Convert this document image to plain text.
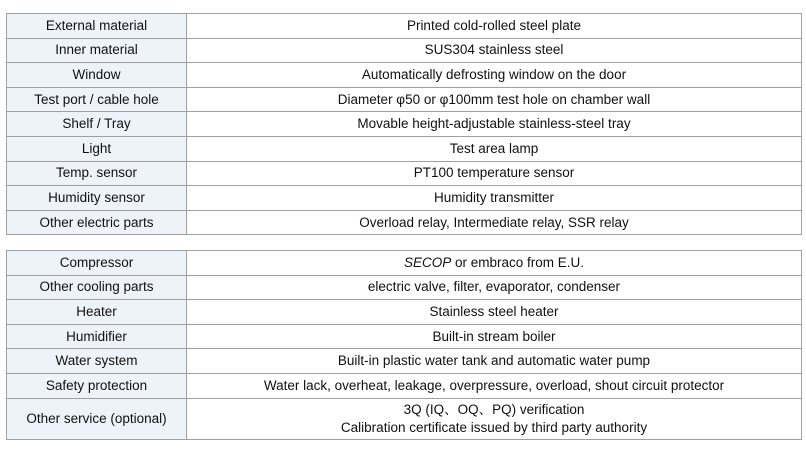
External material	Printed cold-rolled steel plate
Inner material	SUS304 stainless steel
Window	Automatically defrosting window on the door
Test port / cable hole	Diameter φ50 or φ100mm test hole on chamber wall
Shelf / Tray	Movable height-adjustable stainless-steel tray
Light	Test area lamp
Temp. sensor	PT100 temperature sensor
Humidity sensor	Humidity transmitter
Other electric parts	Overload relay, Intermediate relay, SSR relay
Compressor	SECOP or embraco from E.U.
Other cooling parts	electric valve, filter, evaporator, condenser
Heater	Stainless steel heater
Humidifier	Built-in stream boiler
Water system	Built-in plastic water tank and automatic water pump
Safety protection	Water lack, overheat, leakage, overpressure, overload, shout circuit protector
Other service (optional)	3Q (IQ、OQ、PQ) verification
Calibration certificate issued by third party authority
